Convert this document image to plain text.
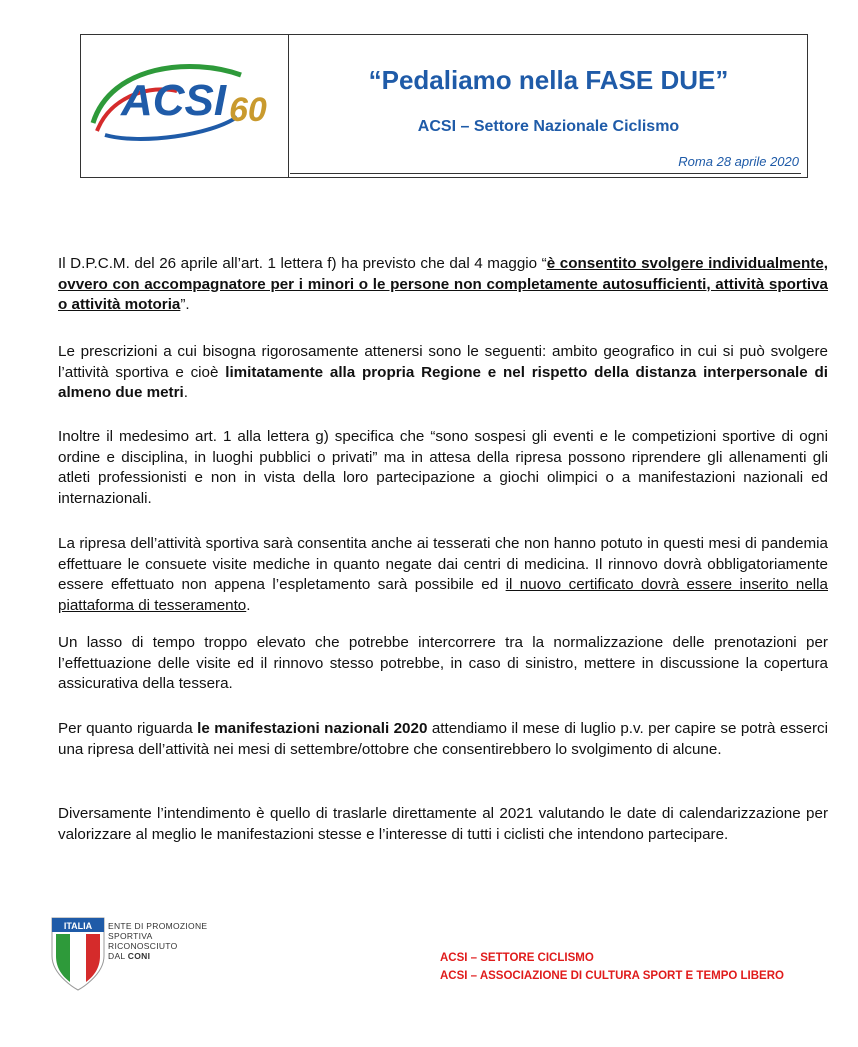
ACSI 60
“Pedaliamo nella FASE DUE”
ACSI – Settore Nazionale Ciclismo
Roma 28 aprile 2020

Il D.P.C.M. del 26 aprile all’art. 1 lettera f) ha previsto che dal 4 maggio “è consentito svolgere individualmente, ovvero con accompagnatore per i minori o le persone non completamente autosufficienti, attività sportiva o attività motoria”.

Le prescrizioni a cui bisogna rigorosamente attenersi sono le seguenti: ambito geografico in cui si può svolgere l’attività sportiva e cioè limitatamente alla propria Regione e nel rispetto della distanza interpersonale di almeno due metri.

Inoltre il medesimo art. 1 alla lettera g) specifica che “sono sospesi gli eventi e le competizioni sportive di ogni ordine e disciplina, in luoghi pubblici o privati” ma in attesa della ripresa possono riprendere gli allenamenti gli atleti professionisti e non in vista della loro partecipazione a giochi olimpici o a manifestazioni nazionali ed internazionali.

La ripresa dell’attività sportiva sarà consentita anche ai tesserati che non hanno potuto in questi mesi di pandemia effettuare le consuete visite mediche in quanto negate dai centri di medicina. Il rinnovo dovrà obbligatoriamente essere effettuato non appena l’espletamento sarà possibile ed il nuovo certificato dovrà essere inserito nella piattaforma di tesseramento.

Un lasso di tempo troppo elevato che potrebbe intercorrere tra la normalizzazione delle prenotazioni per l’effettuazione delle visite ed il rinnovo stesso potrebbe, in caso di sinistro, mettere in discussione la copertura assicurativa della tessera.

Per quanto riguarda le manifestazioni nazionali 2020 attendiamo il mese di luglio p.v. per capire se potrà esserci una ripresa dell’attività nei mesi di settembre/ottobre che consentirebbero lo svolgimento di alcune.

Diversamente l’intendimento è quello di traslarle direttamente al 2021 valutando le date di calendarizzazione per valorizzare al meglio le manifestazioni stesse e l’interesse di tutti i ciclisti che intendono partecipare.

ITALIA ENTE DI PROMOZIONE
SPORTIVA
RICONOSCIUTO
DAL CONI	ACSI – SETTORE CICLISMO
ACSI – ASSOCIAZIONE DI CULTURA SPORT E TEMPO LIBERO
